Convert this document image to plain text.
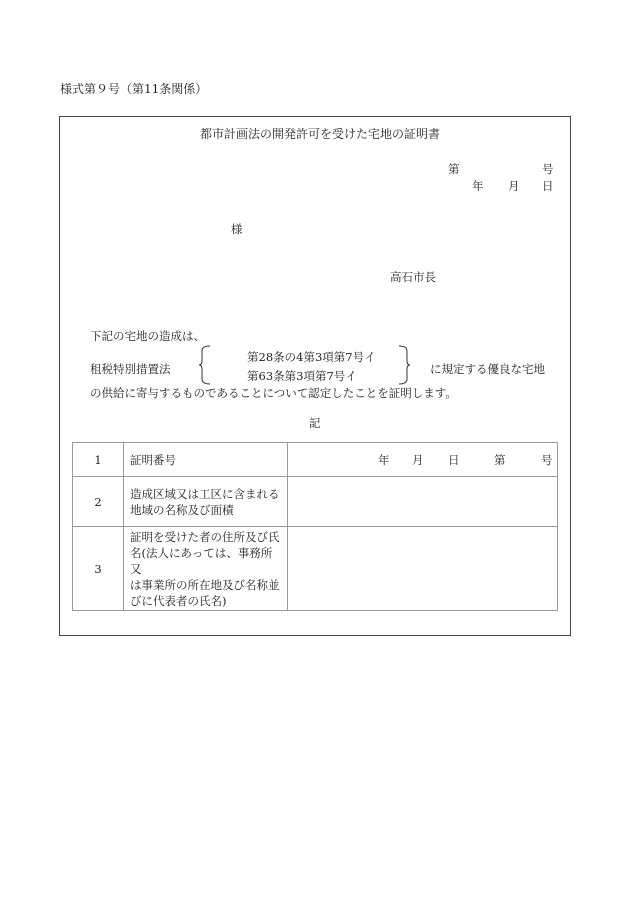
様式第９号（第11条関係）
都市計画法の開発許可を受けた宅地の証明書
第	号
年 月 日
様
高石市長
下記の宅地の造成は、
租税特別措置法
第28条の4第3項第7号イ
第63条第3項第7号イ	に規定する優良な宅地
の供給に寄与するものであることについて認定したことを証明します。
記
1	証明番号	年 月 日 第 号

2	造成区域又は工区に含まれる
地域の名称及び面積	

3	証明を受けた者の住所及び氏
名(法人にあっては、事務所又
は事業所の所在地及び名称並
びに代表者の氏名)	
